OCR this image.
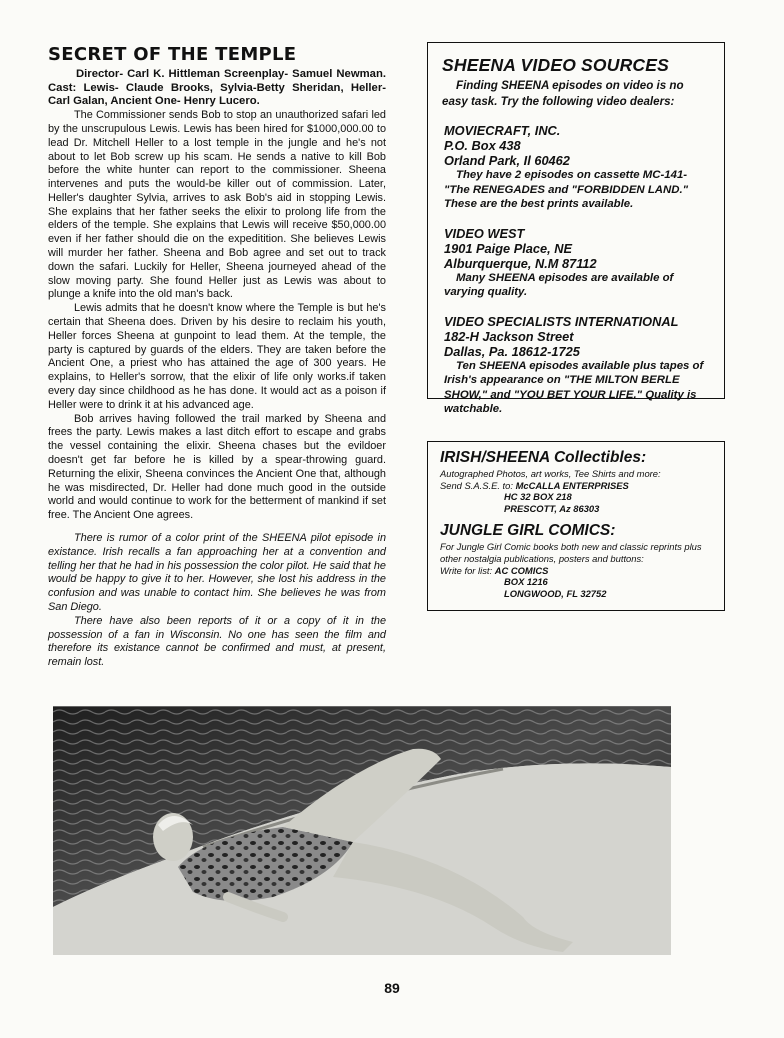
SECRET OF THE TEMPLE

Director- Carl K. Hittleman Screenplay- Samuel Newman. Cast: Lewis- Claude Brooks, Sylvia-Betty Sheridan, Heller- Carl Galan, Ancient One- Henry Lucero.

The Commissioner sends Bob to stop an unauthorized safari led by the unscrupulous Lewis. Lewis has been hired for $1000,000.00 to lead Dr. Mitchell Heller to a lost temple in the jungle and he's not about to let Bob screw up his scam. He sends a native to kill Bob before the white hunter can report to the commissioner. Sheena intervenes and puts the would-be killer out of commission. Later, Heller's daughter Sylvia, arrives to ask Bob's aid in stopping Lewis. She explains that her father seeks the elixir to prolong life from the elders of the temple. She explains that Lewis will receive $50,000.00 even if her father should die on the expeditition. She believes Lewis will murder her father. Sheena and Bob agree and set out to track down the safari. Luckily for Heller, Sheena journeyed ahead of the slow moving party. She found Heller just as Lewis was about to plunge a knife into the old man's back.

Lewis admits that he doesn't know where the Temple is but he's certain that Sheena does. Driven by his desire to reclaim his youth, Heller forces Sheena at gunpoint to lead them. At the temple, the party is captured by guards of the elders. They are taken before the Ancient One, a priest who has attained the age of 300 years. He explains, to Heller's sorrow, that the elixir of life only works.if taken every day since childhood as he has done. It would act as a poison if Heller were to drink it at his advanced age.

Bob arrives having followed the trail marked by Sheena and frees the party. Lewis makes a last ditch effort to escape and grabs the vessel containing the elixir. Sheena chases but the evildoer doesn't get far before he is killed by a spear-throwing guard. Returning the elixir, Sheena convinces the Ancient One that, although he was misdirected, Dr. Heller had done much good in the outside world and would continue to work for the betterment of mankind if set free. The Ancient One agrees.

There is rumor of a color print of the SHEENA pilot episode in existance. Irish recalls a fan approaching her at a convention and telling her that he had in his possession the color pilot. He said that he would be happy to give it to her. However, she lost his address in the confusion and was unable to contact him. She believes he was from San Diego.

There have also been reports of it or a copy of it in the possession of a fan in Wisconsin. No one has seen the film and therefore its existance cannot be confirmed and must, at present, remain lost.

SHEENA VIDEO SOURCES
Finding SHEENA episodes on video is no easy task. Try the following video dealers:
MOVIECRAFT, INC.
P.O. Box 438
Orland Park, Il 60462
They have 2 episodes on cassette MC-141- "The RENEGADES and "FORBIDDEN LAND." These are the best prints available.
VIDEO WEST
1901 Paige Place, NE
Alburquerque, N.M 87112
Many SHEENA episodes are available of varying quality.
VIDEO SPECIALISTS INTERNATIONAL
182-H Jackson Street
Dallas, Pa. 18612-1725
Ten SHEENA episodes available plus tapes of Irish's appearance on "THE MILTON BERLE SHOW," and "YOU BET YOUR LIFE." Quality is watchable.
IRISH/SHEENA Collectibles:
Autographed Photos, art works, Tee Shirts and more:
Send S.A.S.E. to: McCALLA ENTERPRISES
HC 32 BOX 218
PRESCOTT, Az 86303
JUNGLE GIRL COMICS:
For Jungle Girl Comic books both new and classic reprints plus other nostalgia publications, posters and buttons:
Write for list: AC COMICS
BOX 1216
LONGWOOD, FL 32752
89
